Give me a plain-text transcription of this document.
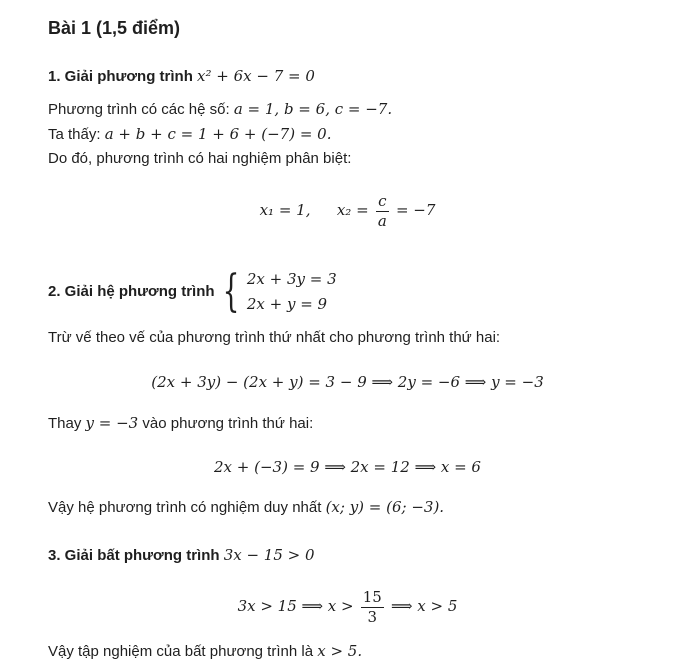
Bài 1 (1,5 điểm)
1. Giải phương trình x² + 6x − 7 = 0
Phương trình có các hệ số: a = 1, b = 6, c = −7.
Ta thấy: a + b + c = 1 + 6 + (−7) = 0.
Do đó, phương trình có hai nghiệm phân biệt:
x₁ = 1, $x_2 = \frac{c}{a} = -7$
2. Giải hệ phương trình { 2x + 3y = 3
2x + y = 9
Trừ vế theo vế của phương trình thứ nhất cho phương trình thứ hai:
(2x + 3y) − (2x + y) = 3 − 9 ⟹ 2y = −6 ⟹ y = −3
Thay y = −3 vào phương trình thứ hai:
2x + (−3) = 9 ⟹ 2x = 12 ⟹ x = 6
Vậy hệ phương trình có nghiệm duy nhất (x; y) = (6; −3).
3. Giải bất phương trình 3x − 15 > 0
3x > 15 ⟹ $x > \frac{15}{3}$ ⟹ x > 5
Vậy tập nghiệm của bất phương trình là x > 5.
